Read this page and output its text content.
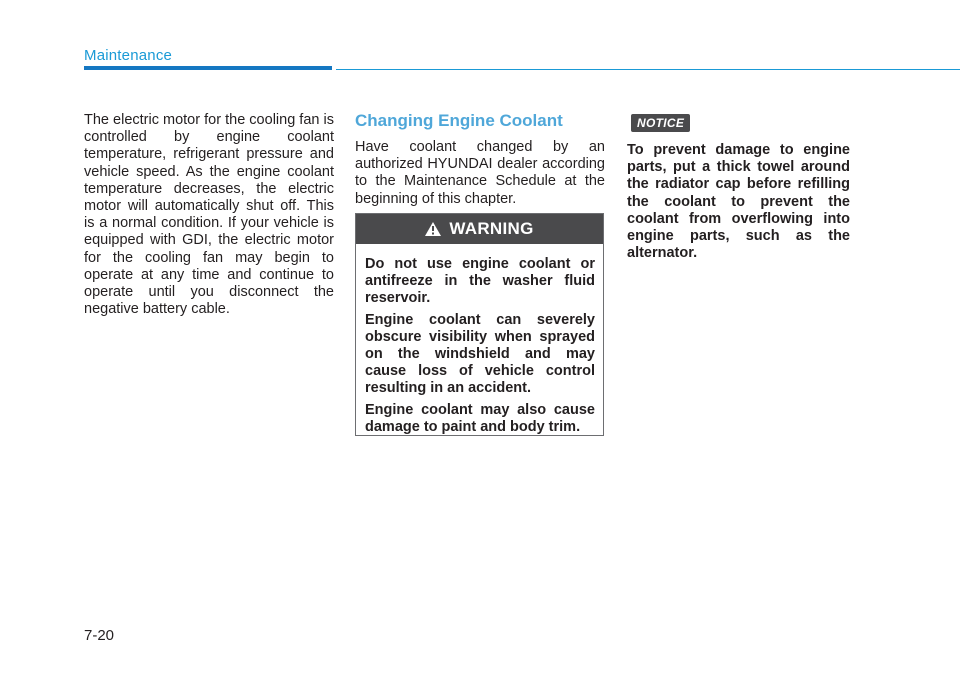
Maintenance

The electric motor for the cooling fan is controlled by engine coolant temperature, refrigerant pressure and vehicle speed. As the engine coolant temperature decreases, the electric motor will automatically shut off. This is a normal condition. If your vehicle is equipped with GDI, the electric motor for the cooling fan may begin to operate at any time and continue to operate until you disconnect the negative battery cable.

Changing Engine Coolant

Have coolant changed by an authorized HYUNDAI dealer according to the Maintenance Schedule at the beginning of this chapter.

WARNING

Do not use engine coolant or antifreeze in the washer fluid reservoir.

Engine coolant can severely obscure visibility when sprayed on the windshield and may cause loss of vehicle control resulting in an accident.

Engine coolant may also cause damage to paint and body trim.

NOTICE
To prevent damage to engine parts, put a thick towel around the radiator cap before refilling the coolant to prevent the coolant from overflowing into engine parts, such as the alternator.
7-20
